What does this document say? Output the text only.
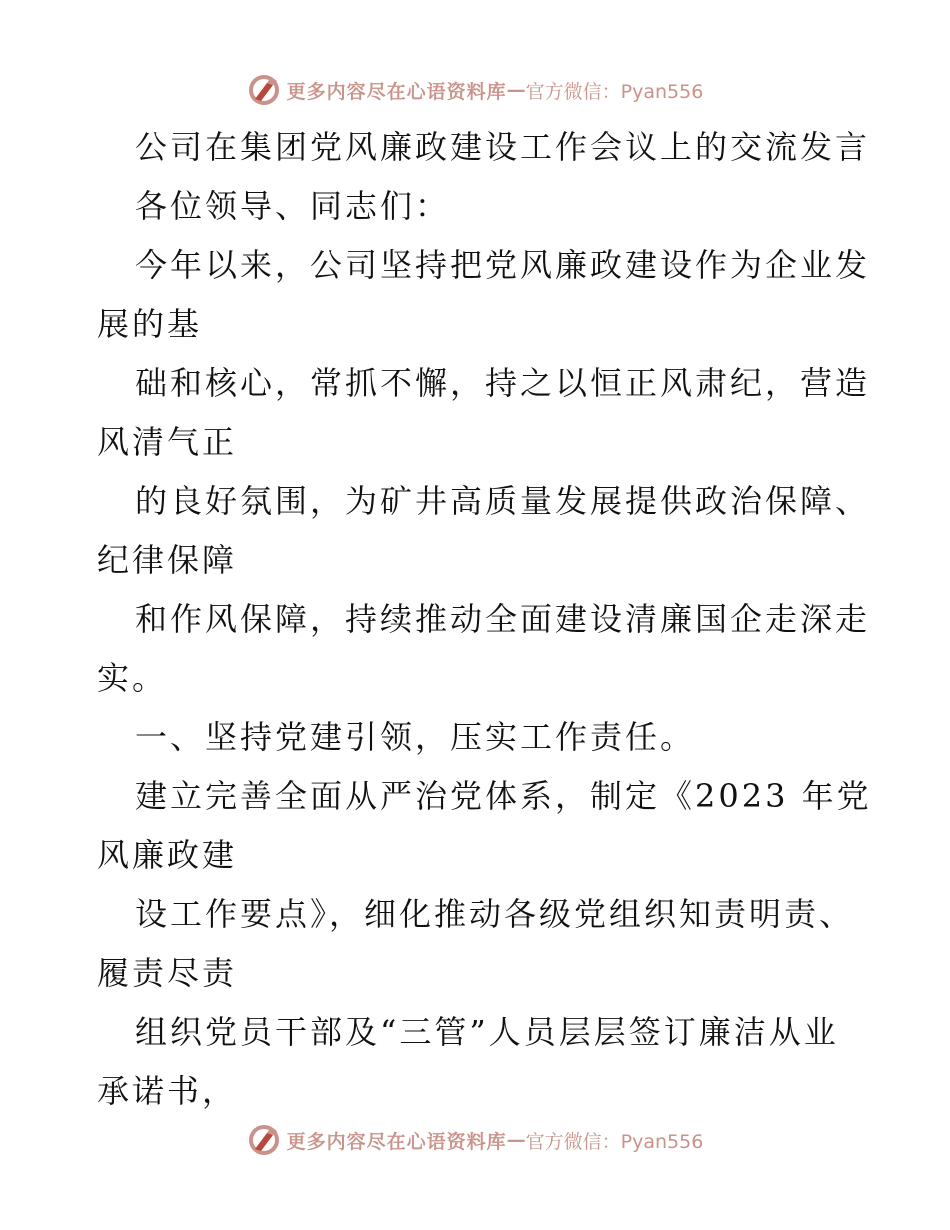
更多内容尽在心语资料库 — 官方微信：Pyan556
公司在集团党风廉政建设工作会议上的交流发言
各位领导、同志们：
今年以来，公司坚持把党风廉政建设作为企业发
展的基
础和核心，常抓不懈，持之以恒正风肃纪，营造
风清气正
的良好氛围，为矿井高质量发展提供政治保障、
纪律保障
和作风保障，持续推动全面建设清廉国企走深走
实。
一、坚持党建引领，压实工作责任。
建立完善全面从严治党体系，制定《2023 年党
风廉政建
设工作要点》，细化推动各级党组织知责明责、
履责尽责
组织党员干部及“三管”人员层层签订廉洁从业
承诺书，
更多内容尽在心语资料库 — 官方微信：Pyan556
